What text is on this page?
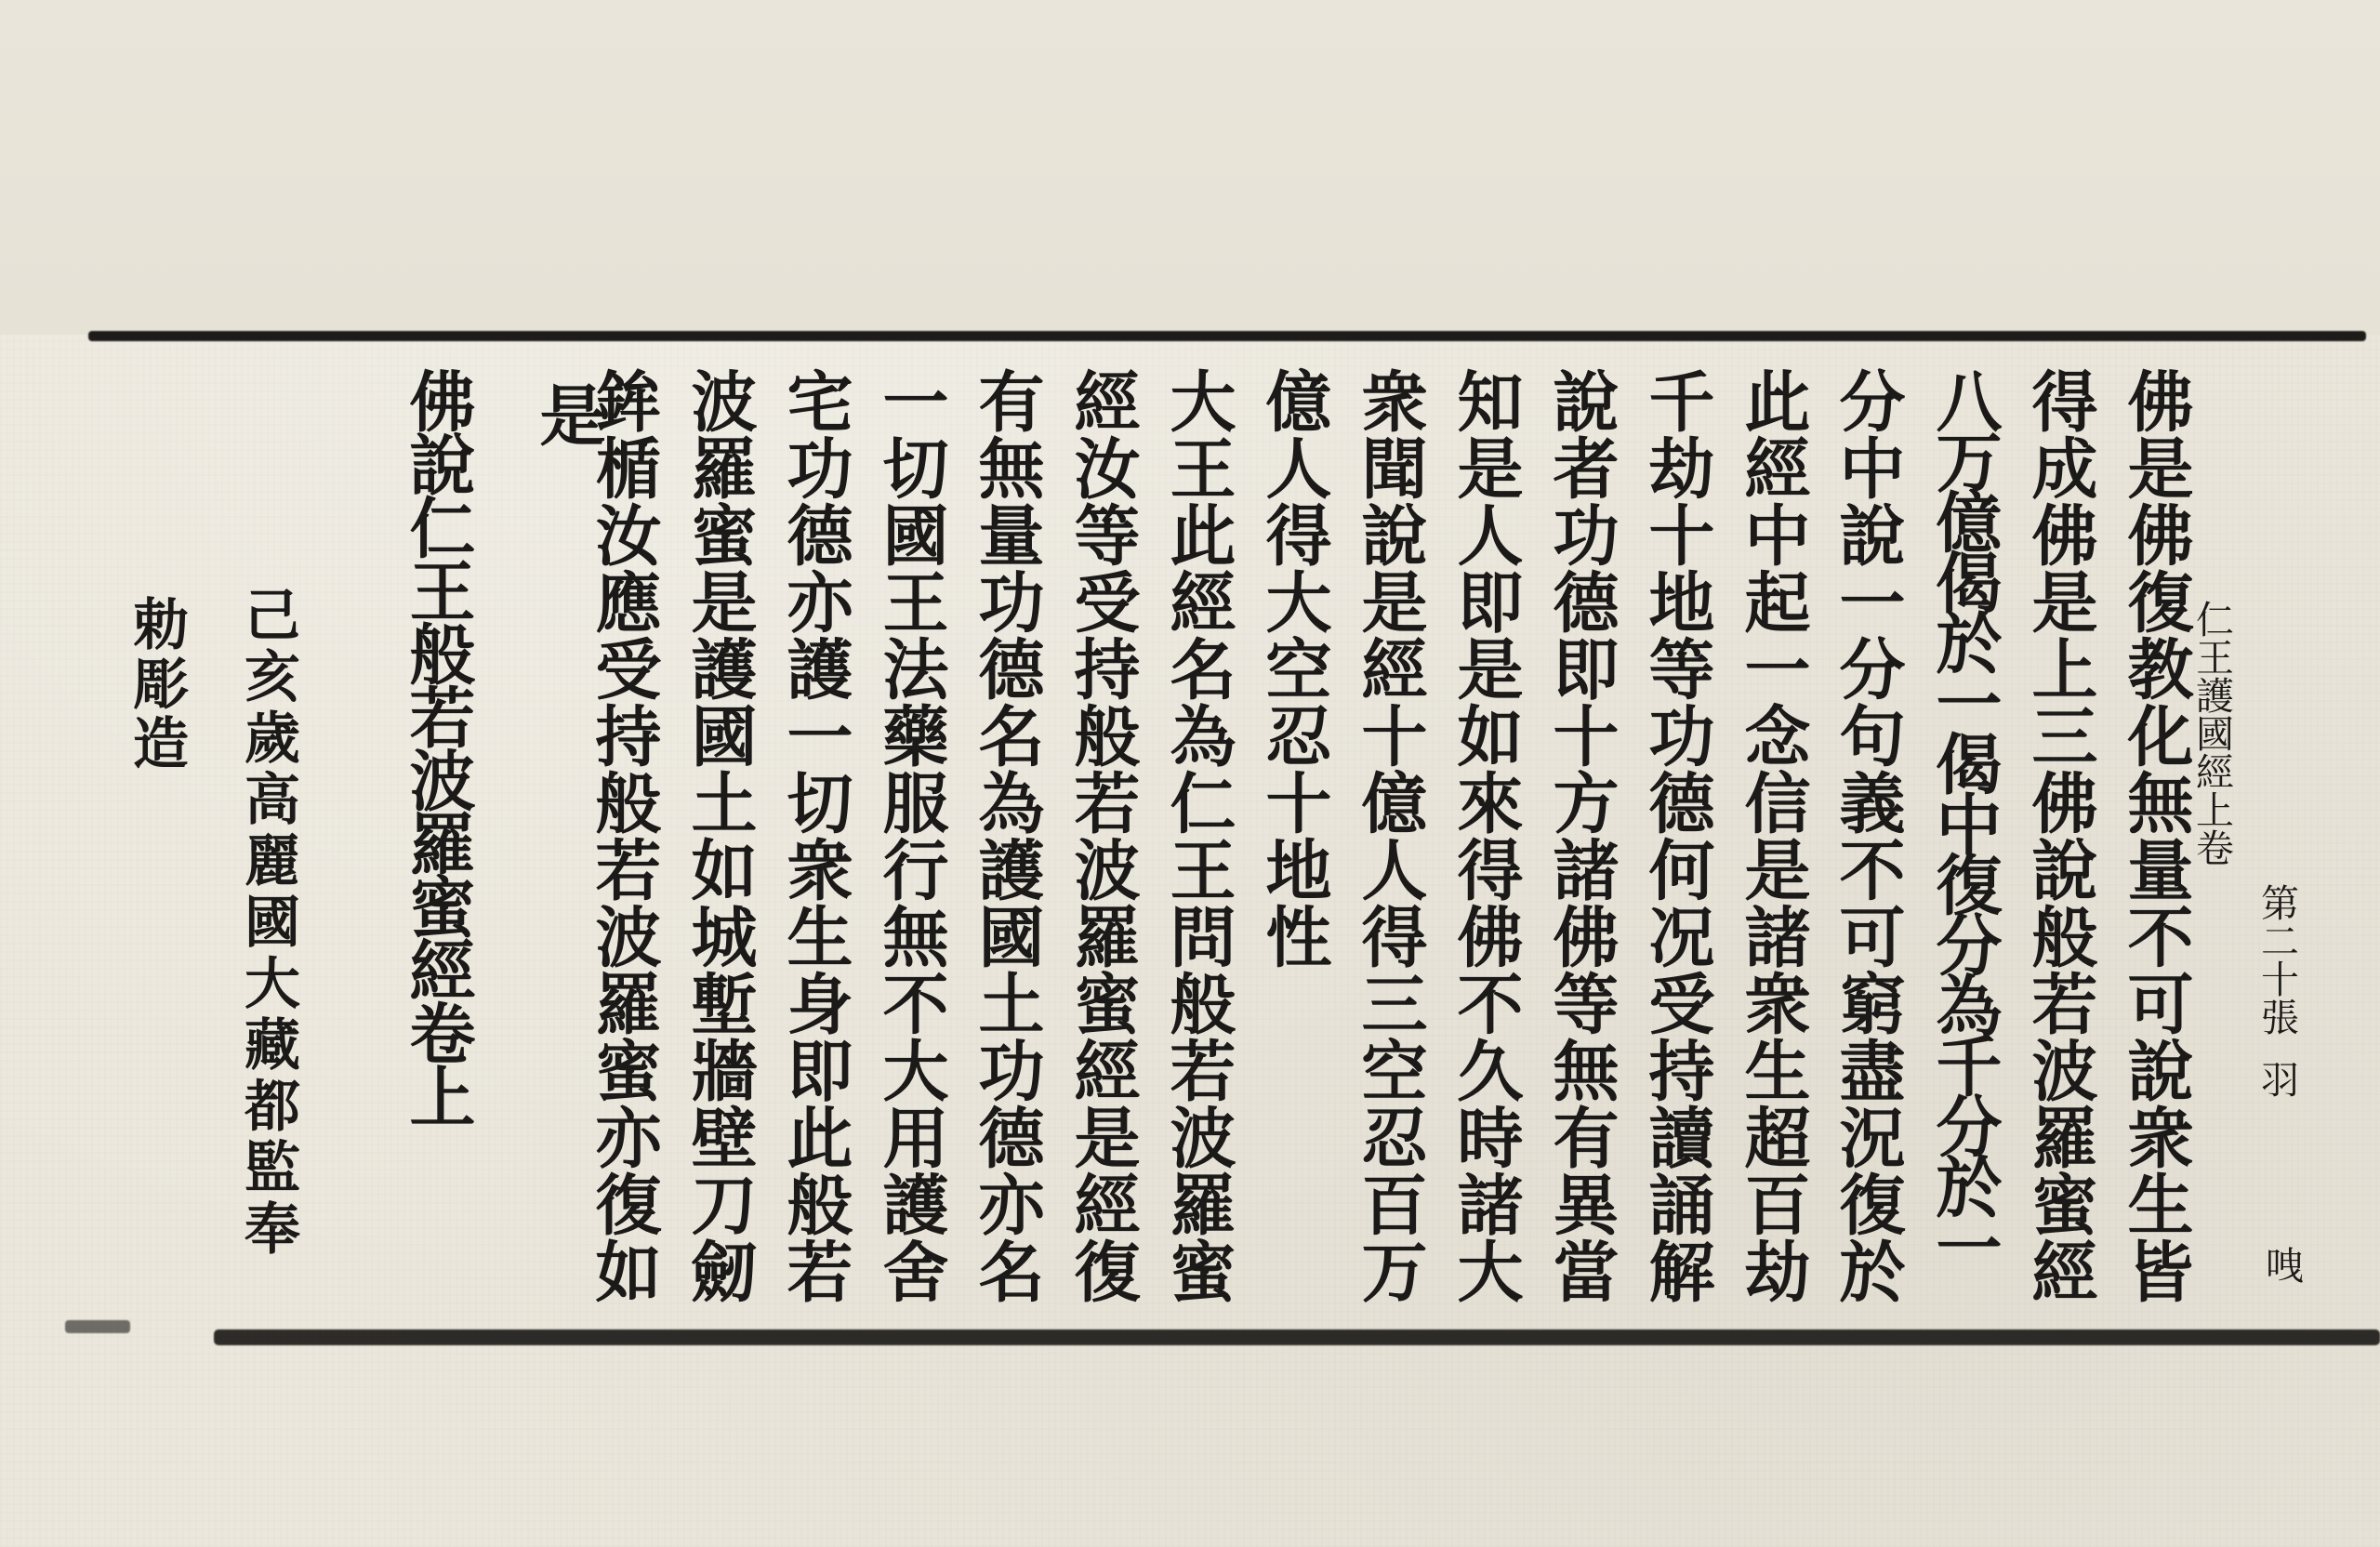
仁王護國經上卷
第二十張
羽
㖂
佛是佛復教化無量不可說衆生皆
得成佛是上三佛說般若波羅蜜經
八万億偈於一偈中復分為千分於一
分中說一分句義不可窮盡況復於
此經中起一念信是諸衆生超百劫
千劫十地等功德何况受持讀誦解
說者功德即十方諸佛等無有異當
知是人即是如來得佛不久時諸大
衆聞說是經十億人得三空忍百万
億人得大空忍十地性
大王此經名為仁王問般若波羅蜜
經汝等受持般若波羅蜜經是經復
有無量功德名為護國土功德亦名
一切國王法藥服行無不大用護舍
宅功德亦護一切衆生身即此般若
波羅蜜是護國土如城塹牆壁刀劒
鉾楯汝應受持般若波羅蜜亦復如
是
佛說仁王般若波羅蜜經卷上
己亥歲高麗國大藏都監奉
勅彫造
